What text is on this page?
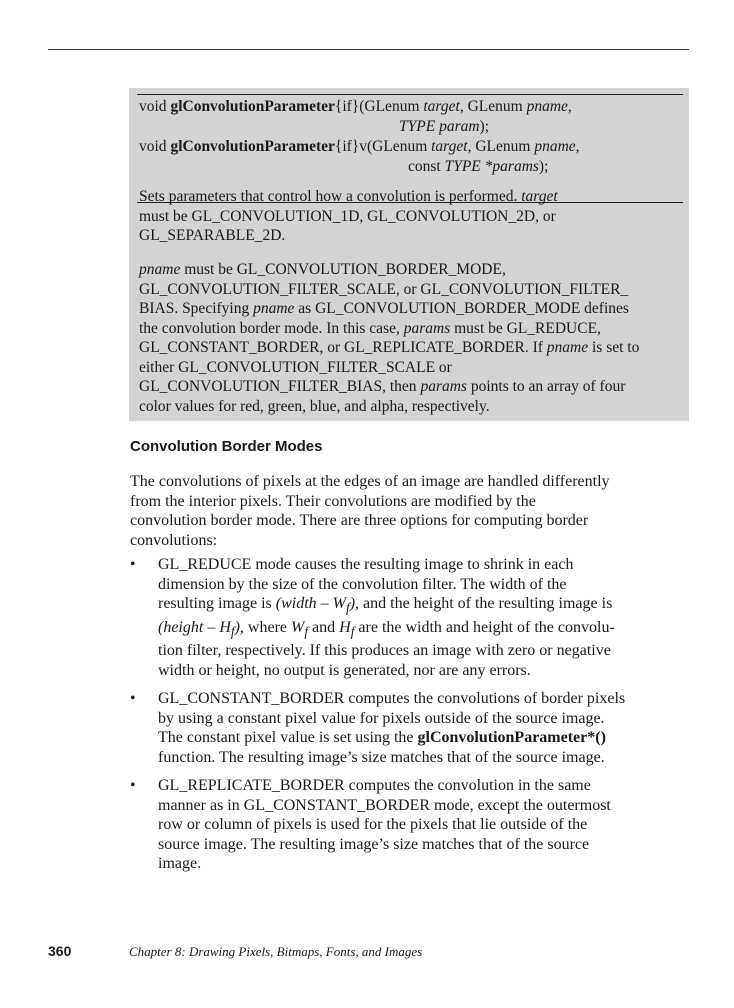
void glConvolutionParameter{if}(GLenum target, GLenum pname,
TYPE param);
void glConvolutionParameter{if}v(GLenum target, GLenum pname,
const TYPE *params);

Sets parameters that control how a convolution is performed. target
must be GL_CONVOLUTION_1D, GL_CONVOLUTION_2D, or
GL_SEPARABLE_2D.

pname must be GL_CONVOLUTION_BORDER_MODE,
GL_CONVOLUTION_FILTER_SCALE, or GL_CONVOLUTION_FILTER_
BIAS. Specifying pname as GL_CONVOLUTION_BORDER_MODE defines
the convolution border mode. In this case, params must be GL_REDUCE,
GL_CONSTANT_BORDER, or GL_REPLICATE_BORDER. If pname is set to
either GL_CONVOLUTION_FILTER_SCALE or
GL_CONVOLUTION_FILTER_BIAS, then params points to an array of four
color values for red, green, blue, and alpha, respectively.

Convolution Border Modes

The convolutions of pixels at the edges of an image are handled differently
from the interior pixels. Their convolutions are modified by the
convolution border mode. There are three options for computing border
convolutions:

• GL_REDUCE mode causes the resulting image to shrink in each
dimension by the size of the convolution filter. The width of the
resulting image is (width – $W_f$), and the height of the resulting image is
(height – $H_f$), where $W_f$ and $H_f$ are the width and height of the convolu-
tion filter, respectively. If this produces an image with zero or negative
width or height, no output is generated, nor are any errors.
• GL_CONSTANT_BORDER computes the convolutions of border pixels
by using a constant pixel value for pixels outside of the source image.
The constant pixel value is set using the glConvolutionParameter*()
function. The resulting image’s size matches that of the source image.
• GL_REPLICATE_BORDER computes the convolution in the same
manner as in GL_CONSTANT_BORDER mode, except the outermost
row or column of pixels is used for the pixels that lie outside of the
source image. The resulting image’s size matches that of the source
image.

360	Chapter 8: Drawing Pixels, Bitmaps, Fonts, and Images
